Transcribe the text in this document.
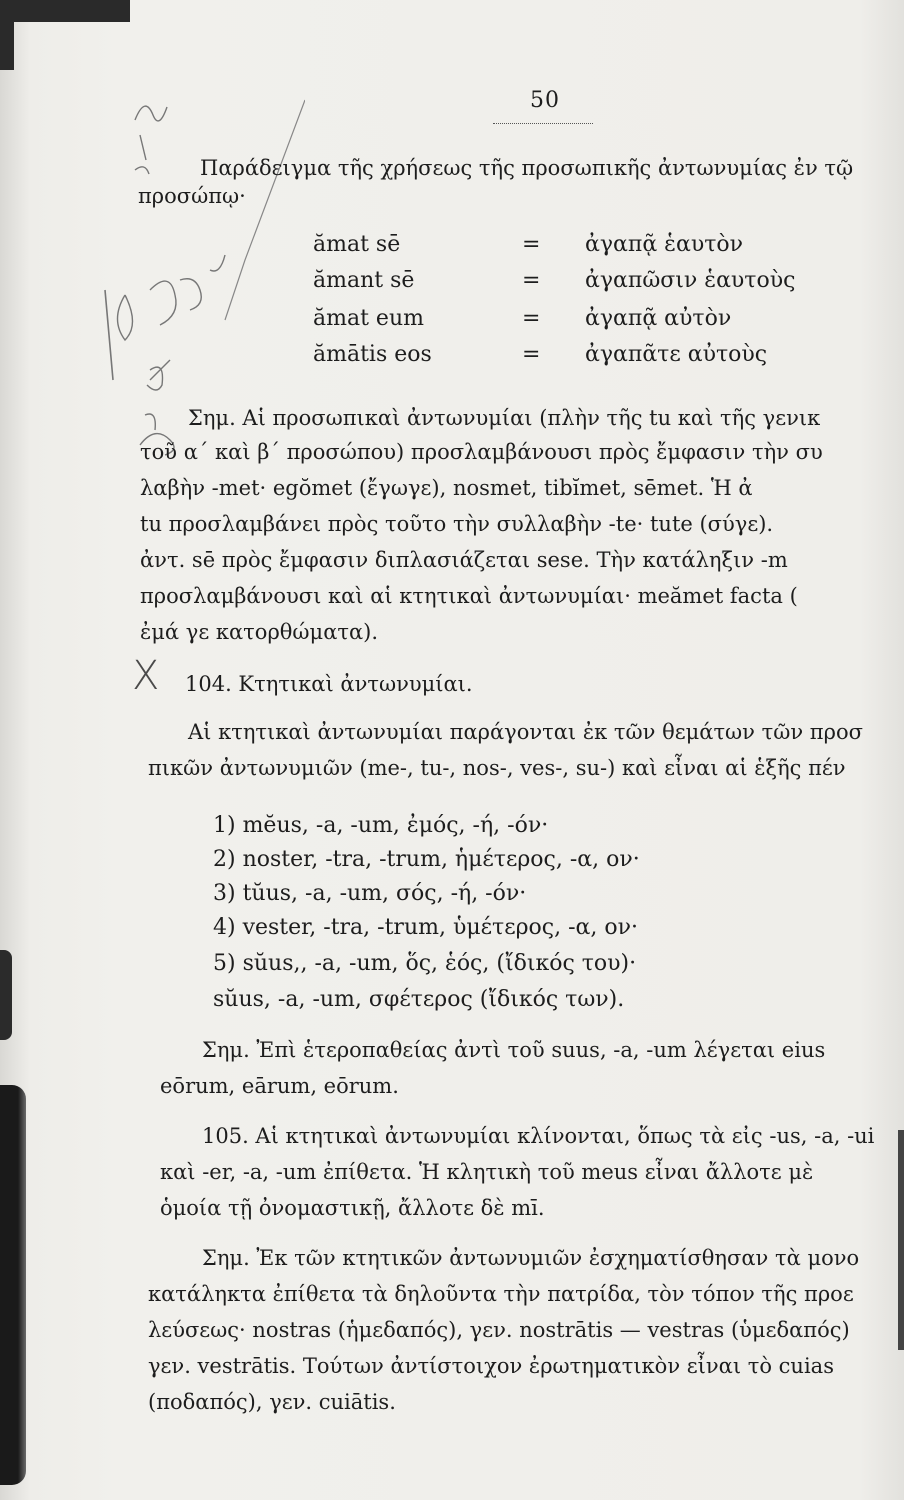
50
Παράδειγμα τῆς χρήσεως τῆς προσωπικῆς ἀντωνυμίας ἐν τῷ
προσώπῳ·
ămat sē	= ἀγαπᾷ ἑαυτὸν
ămant sē	= ἀγαπῶσιν ἑαυτοὺς
ămat eum	= ἀγαπᾷ αὐτὸν
ămātis eos	= ἀγαπᾶτε αὐτοὺς
Σημ. Αἱ προσωπικαὶ ἀντωνυμίαι (πλὴν τῆς tu καὶ τῆς γενικ
τοῦ α΄ καὶ β΄ προσώπου) προσλαμβάνουσι πρὸς ἔμφασιν τὴν συ
λαβὴν -met· egŏmet (ἔγωγε), nosmet, tibĭmet, sēmet. Ἡ ἀ
tu προσλαμβάνει πρὸς τοῦτο τὴν συλλαβὴν -te· tute (σύγε).
ἀντ. sē πρὸς ἔμφασιν διπλασιάζεται sese. Τὴν κατάληξιν -m
προσλαμβάνουσι καὶ αἱ κτητικαὶ ἀντωνυμίαι· meămet facta (
ἐμά γε κατορθώματα).
X 104. Κτητικαὶ ἀντωνυμίαι.
Αἱ κτητικαὶ ἀντωνυμίαι παράγονται ἐκ τῶν θεμάτων τῶν προσ
πικῶν ἀντωνυμιῶν (me-, tu-, nos-, ves-, su-) καὶ εἶναι αἱ ἑξῆς πέν
1) mĕus, -a, -um, ἐμός, -ή, -όν·
2) noster, -tra, -trum, ἡμέτερος, -α, ον·
3) tŭus, -a, -um, σός, -ή, -όν·
4) vester, -tra, -trum, ὑμέτερος, -α, ον·
5) sŭus,, -a, -um, ὅς, ἑός, (ἴδικός του)·
sŭus, -a, -um, σφέτερος (ἴδικός των).
Σημ. Ἐπὶ ἑτεροπαθείας ἀντὶ τοῦ suus, -a, -um λέγεται eius
eōrum, eārum, eōrum.
105. Αἱ κτητικαὶ ἀντωνυμίαι κλίνονται, ὅπως τὰ εἰς -us, -a, -ui
καὶ -er, -a, -um ἐπίθετα. Ἡ κλητικὴ τοῦ meus εἶναι ἄλλοτε μὲ
ὁμοία τῇ ὀνομαστικῇ, ἄλλοτε δὲ mī.
Σημ. Ἐκ τῶν κτητικῶν ἀντωνυμιῶν ἐσχηματίσθησαν τὰ μονο
κατάληκτα ἐπίθετα τὰ δηλοῦντα τὴν πατρίδα, τὸν τόπον τῆς προε
λεύσεως· nostras (ἡμεδαπός), γεν. nostrātis — vestras (ὑμεδαπός)
γεν. vestrātis. Τούτων ἀντίστοιχον ἐρωτηματικὸν εἶναι τὸ cuias
(ποδαπός), γεν. cuiātis.
